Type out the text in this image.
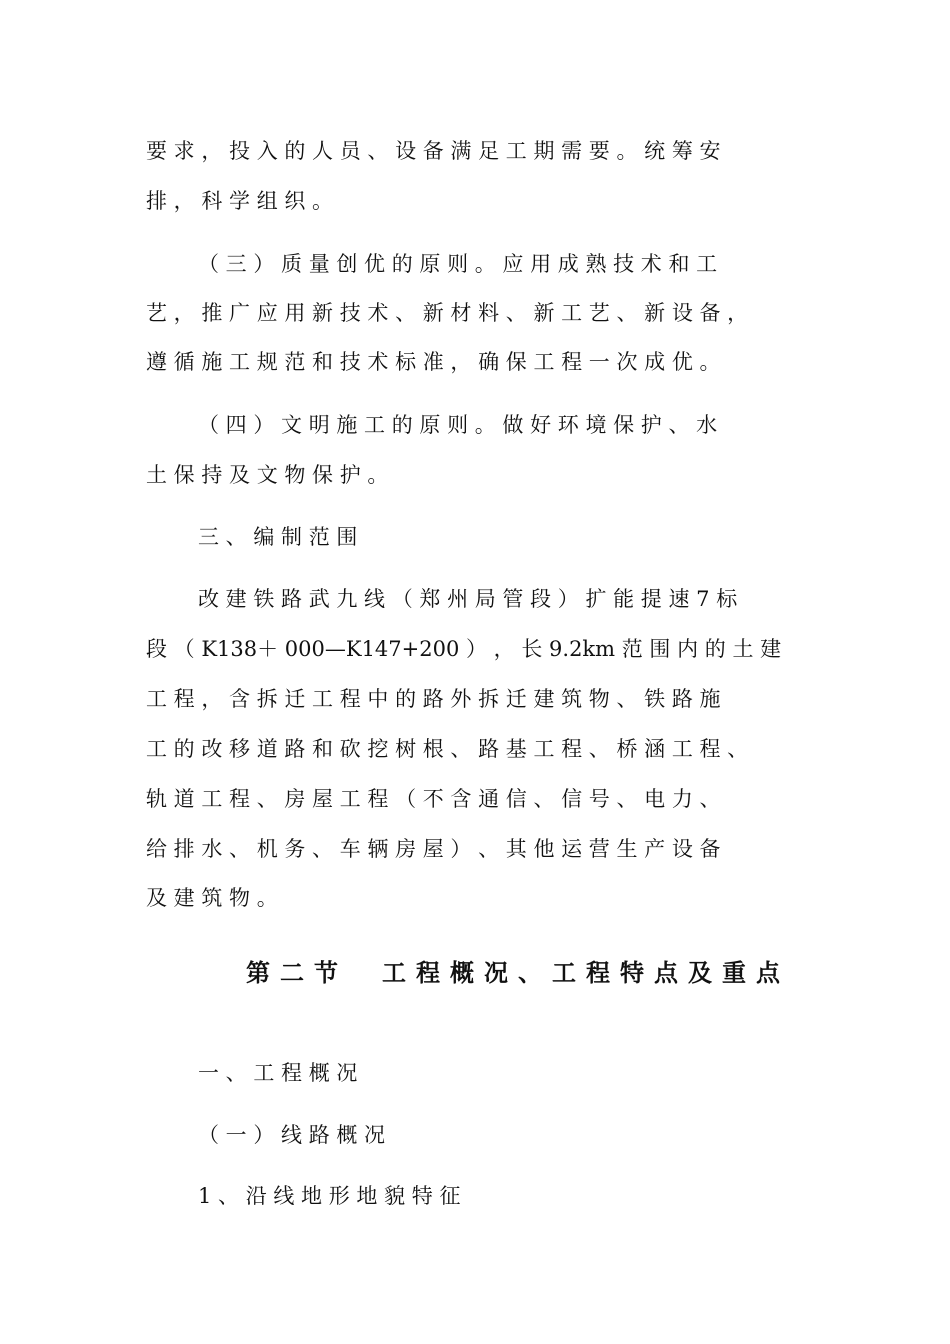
要 求 ， 投 入 的 人 员 、 设 备 满 足 工 期 需 要 。 统 筹 安
排 ， 科 学 组 织 。
（ 三 ） 质 量 创 优 的 原 则 。 应 用 成 熟 技 术 和 工
艺 ， 推 广 应 用 新 技 术 、 新 材 料 、 新 工 艺 、 新 设 备 ，
遵 循 施 工 规 范 和 技 术 标 准 ， 确 保 工 程 一 次 成 优 。
（ 四 ） 文 明 施 工 的 原 则 。 做 好 环 境 保 护 、 水
土 保 持 及 文 物 保 护 。
三 、 编 制 范 围
改 建 铁 路 武 九 线 （ 郑 州 局 管 段 ） 扩 能 提 速 7 标
段 （ K138＋ 000—K147+200 ） ， 长 9.2km 范 围 内 的 土 建
工 程 ， 含 拆 迁 工 程 中 的 路 外 拆 迁 建 筑 物 、 铁 路 施
工 的 改 移 道 路 和 砍 挖 树 根 、 路 基 工 程 、 桥 涵 工 程 、
轨 道 工 程 、 房 屋 工 程 （ 不 含 通 信 、 信 号 、 电 力 、
给 排 水 、 机 务 、 车 辆 房 屋 ） 、 其 他 运 营 生 产 设 备
及 建 筑 物 。
第二节　工程概况、工程特点及重点
一 、 工 程 概 况
（ 一 ） 线 路 概 况
1 、 沿 线 地 形 地 貌 特 征
